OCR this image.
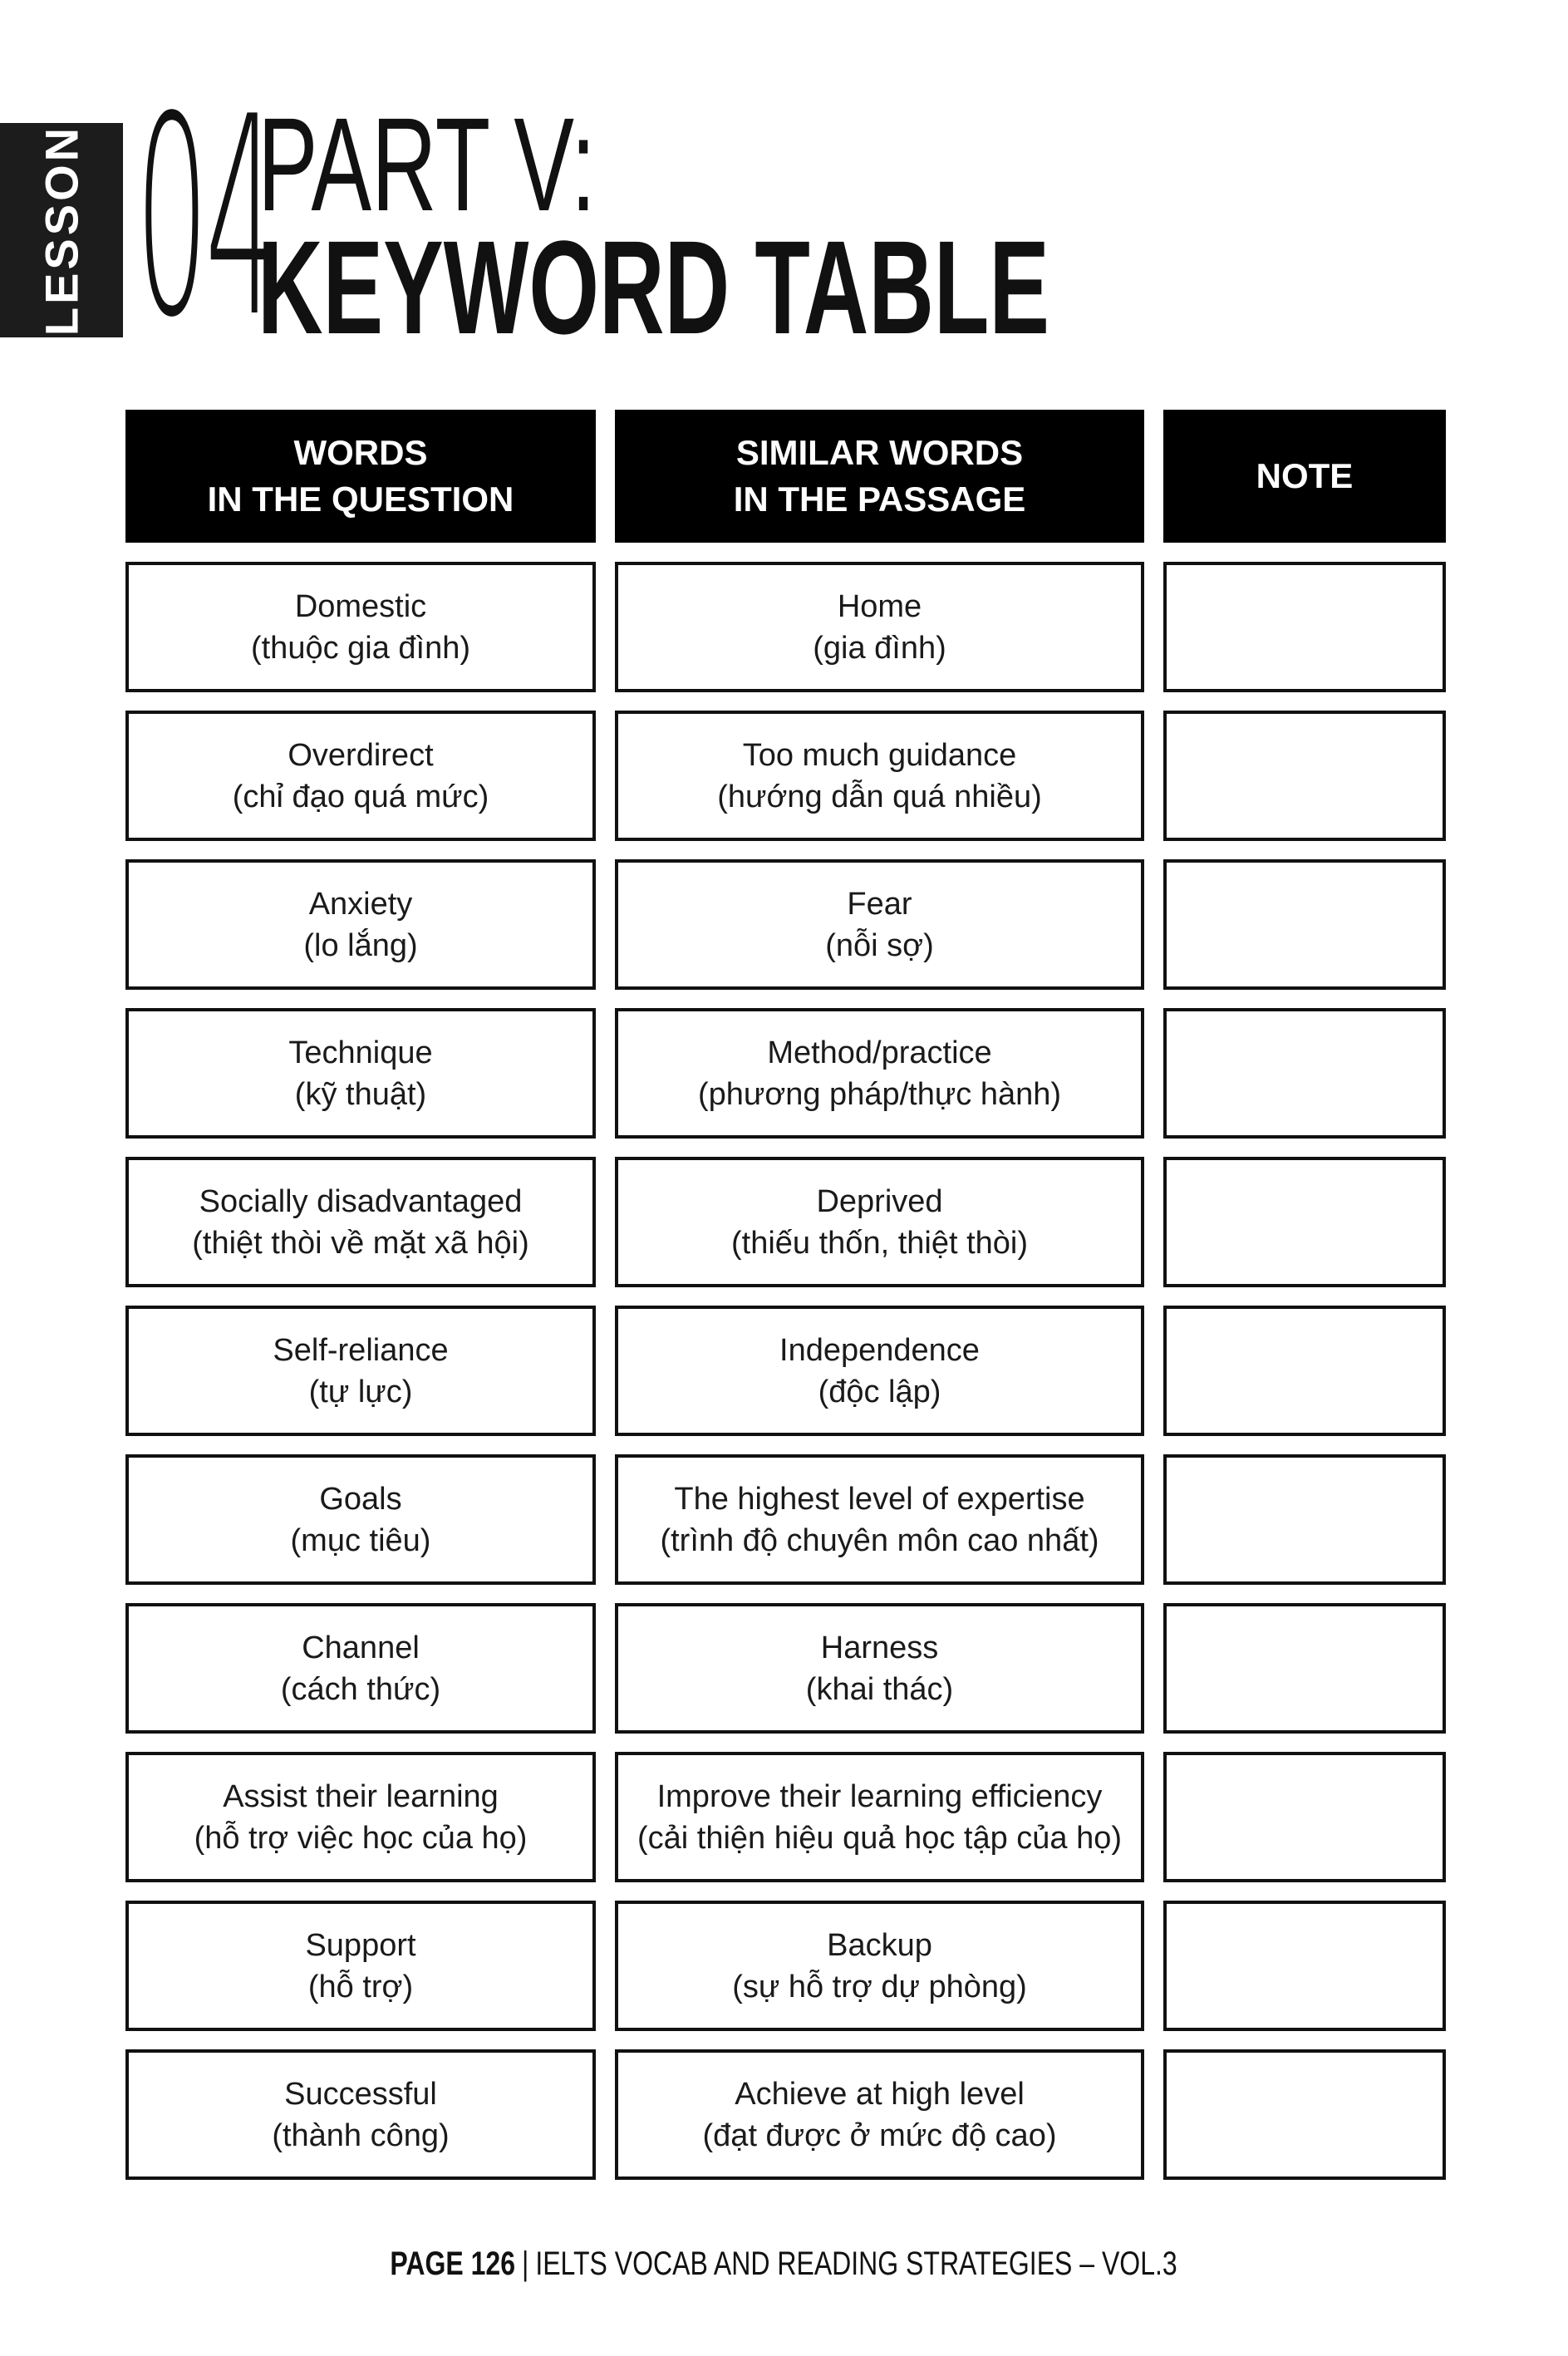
LESSON 04
PART V:
KEYWORD TABLE
WORDS
IN THE QUESTION
SIMILAR WORDS
IN THE PASSAGE
NOTE
Domestic
(thuộc gia đình)
Home
(gia đình)
Overdirect
(chỉ đạo quá mức)
Too much guidance
(hướng dẫn quá nhiều)
Anxiety
(lo lắng)
Fear
(nỗi sợ)
Technique
(kỹ thuật)
Method/practice
(phương pháp/thực hành)
Socially disadvantaged
(thiệt thòi về mặt xã hội)
Deprived
(thiếu thốn, thiệt thòi)
Self-reliance
(tự lực)
Independence
(độc lập)
Goals
(mục tiêu)
The highest level of expertise
(trình độ chuyên môn cao nhất)
Channel
(cách thức)
Harness
(khai thác)
Assist their learning
(hỗ trợ việc học của họ)
Improve their learning efficiency
(cải thiện hiệu quả học tập của họ)
Support
(hỗ trợ)
Backup
(sự hỗ trợ dự phòng)
Successful
(thành công)
Achieve at high level
(đạt được ở mức độ cao)
PAGE 126 | IELTS VOCAB AND READING STRATEGIES – VOL.3
